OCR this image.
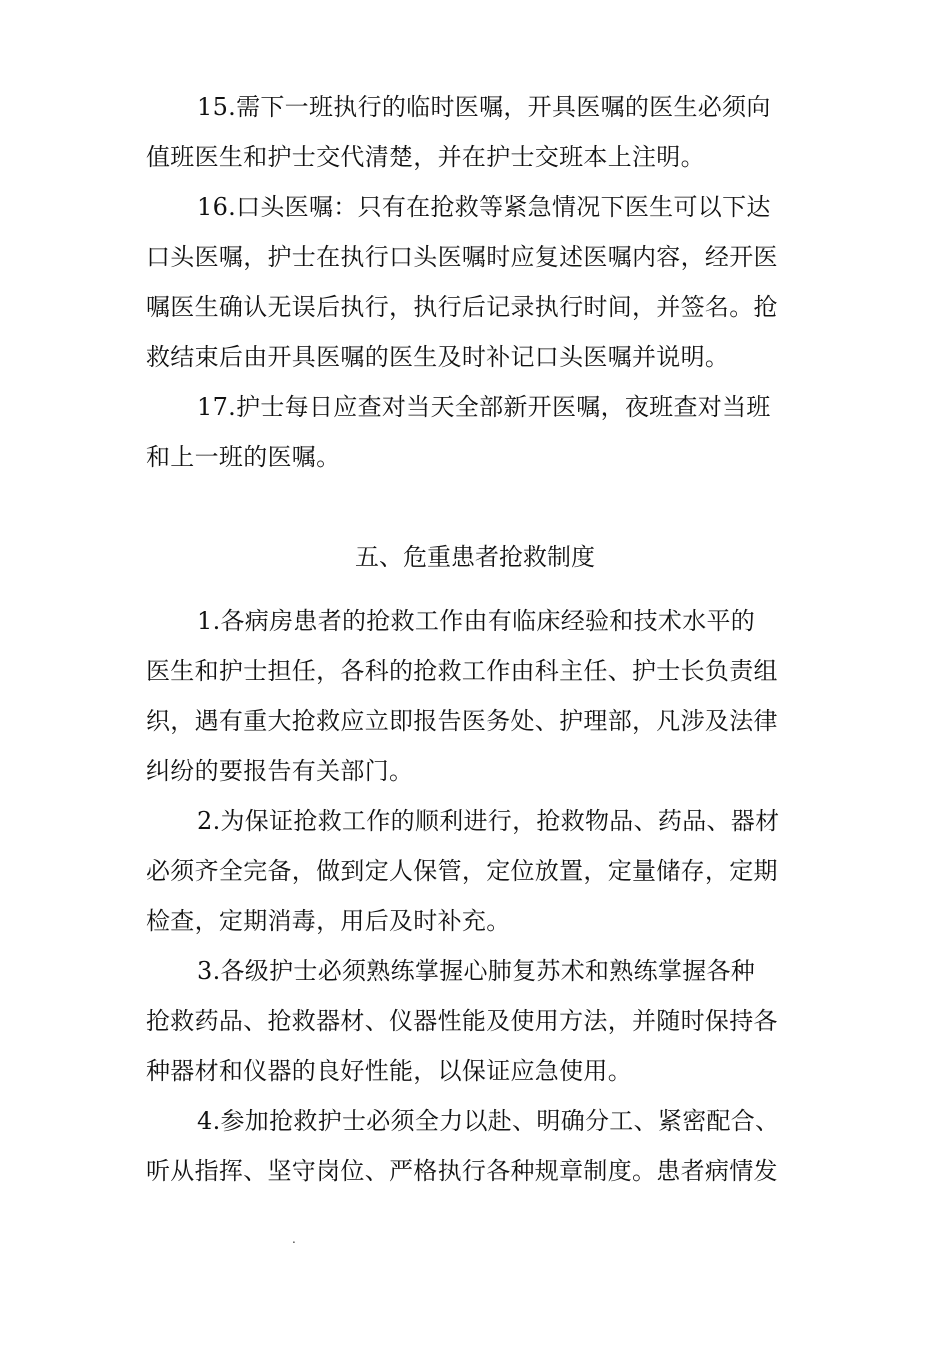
15.需下一班执行的临时医嘱，开具医嘱的医生必须向
值班医生和护士交代清楚，并在护士交班本上注明。
16.口头医嘱：只有在抢救等紧急情况下医生可以下达
口头医嘱，护士在执行口头医嘱时应复述医嘱内容，经开医
嘱医生确认无误后执行，执行后记录执行时间，并签名。抢
救结束后由开具医嘱的医生及时补记口头医嘱并说明。
17.护士每日应查对当天全部新开医嘱，夜班查对当班
和上一班的医嘱。
五、危重患者抢救制度
1.各病房患者的抢救工作由有临床经验和技术水平的
医生和护士担任，各科的抢救工作由科主任、护士长负责组
织，遇有重大抢救应立即报告医务处、护理部，凡涉及法律
纠纷的要报告有关部门。
2.为保证抢救工作的顺利进行，抢救物品、药品、器材
必须齐全完备，做到定人保管，定位放置，定量储存，定期
检查，定期消毒，用后及时补充。
3.各级护士必须熟练掌握心肺复苏术和熟练掌握各种
抢救药品、抢救器材、仪器性能及使用方法，并随时保持各
种器材和仪器的良好性能，以保证应急使用。
4.参加抢救护士必须全力以赴、明确分工、紧密配合、
听从指挥、坚守岗位、严格执行各种规章制度。患者病情发
.
